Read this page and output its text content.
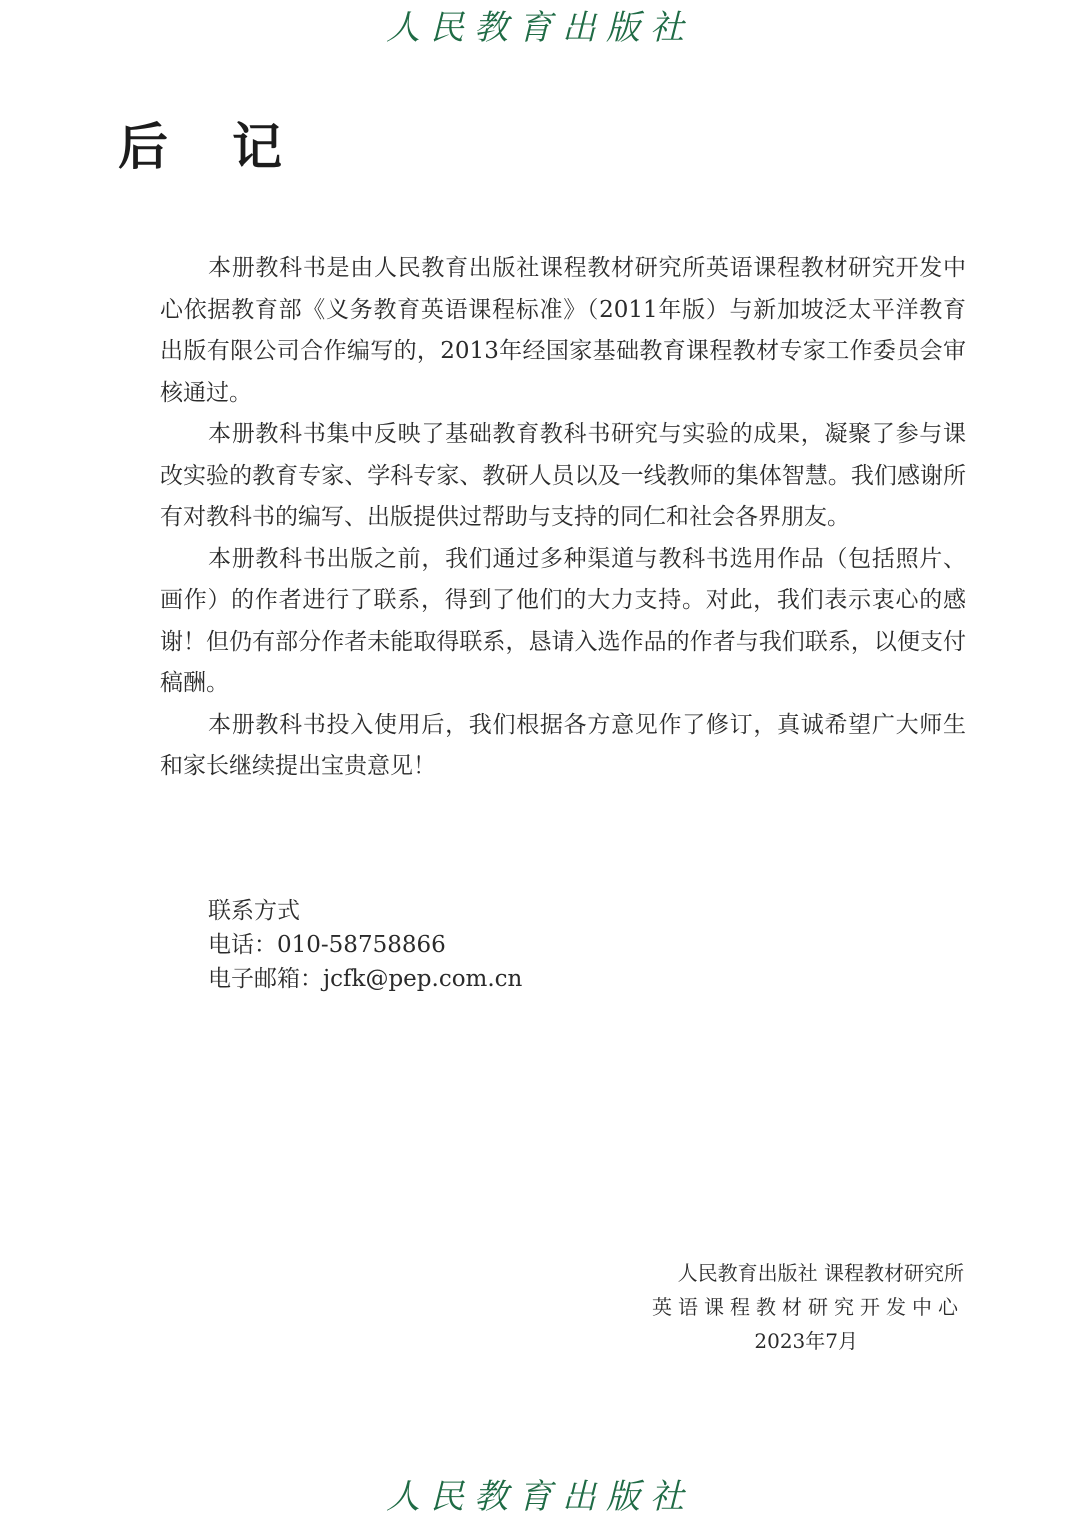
人民教育出版社
后 记

本册教科书是由人民教育出版社课程教材研究所英语课程教材研究开发中心依据教育部《义务教育英语课程标准》（2011年版）与新加坡泛太平洋教育出版有限公司合作编写的，2013年经国家基础教育课程教材专家工作委员会审核通过。

本册教科书集中反映了基础教育教科书研究与实验的成果，凝聚了参与课改实验的教育专家、学科专家、教研人员以及一线教师的集体智慧。我们感谢所有对教科书的编写、出版提供过帮助与支持的同仁和社会各界朋友。

本册教科书出版之前，我们通过多种渠道与教科书选用作品（包括照片、画作）的作者进行了联系，得到了他们的大力支持。对此，我们表示衷心的感谢！但仍有部分作者未能取得联系，恳请入选作品的作者与我们联系，以便支付稿酬。

本册教科书投入使用后，我们根据各方意见作了修订，真诚希望广大师生和家长继续提出宝贵意见！

联系方式
电话：010-58758866
电子邮箱：jcfk@pep.com.cn
人民教育出版社 课程教材研究所
英语课程教材研究开发中心
2023年7月
人民教育出版社
